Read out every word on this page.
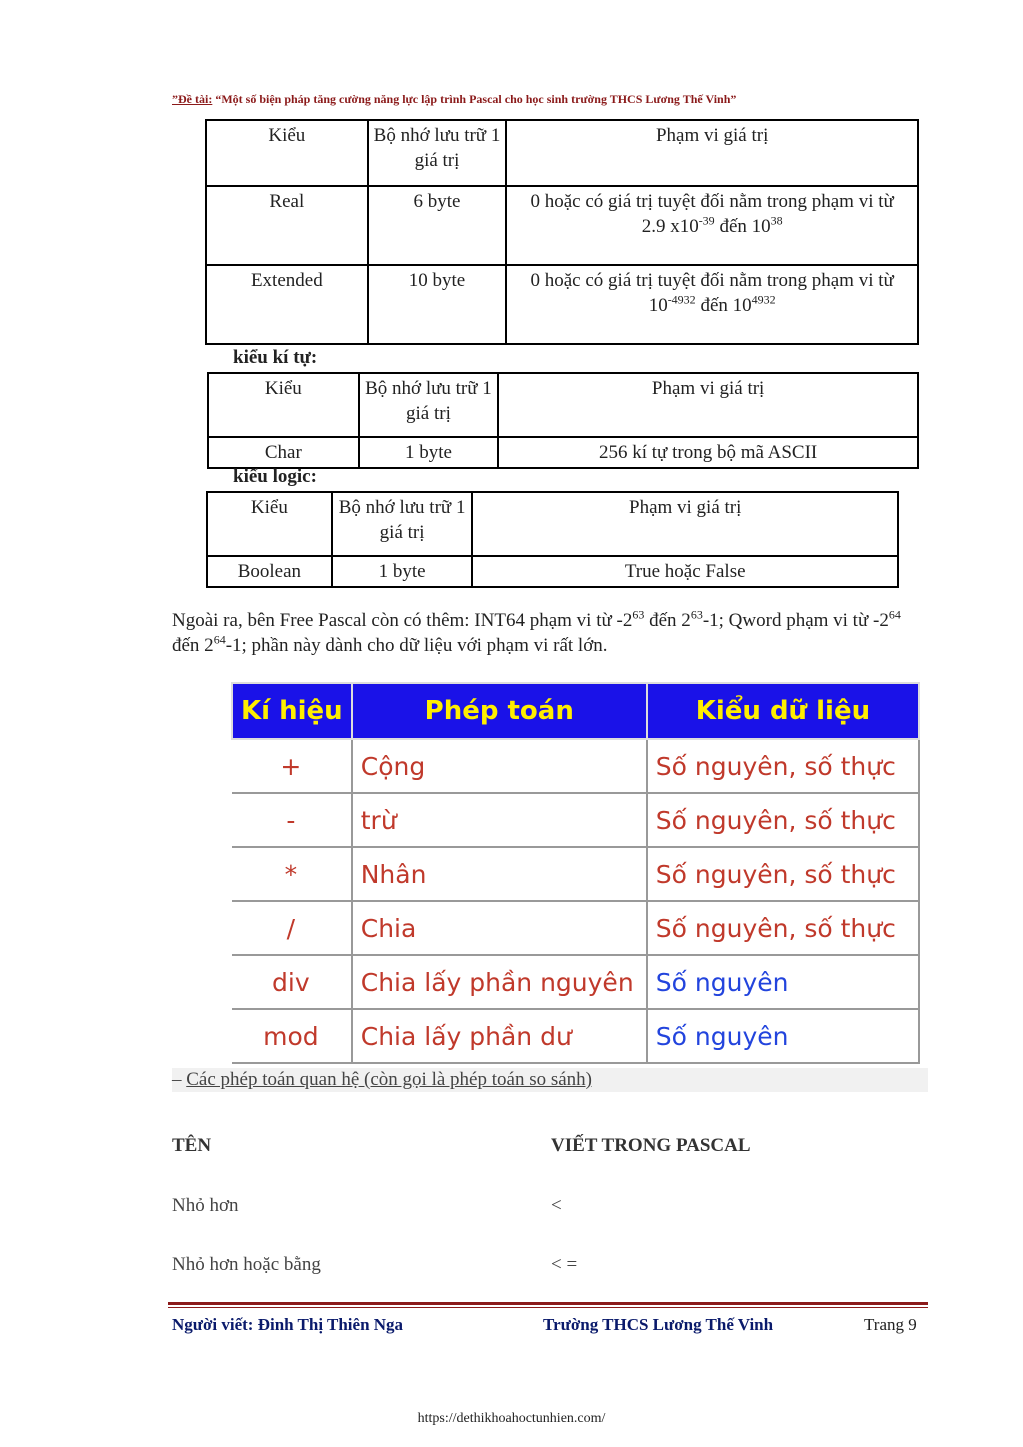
”Đề tài: “Một số biện pháp tăng cường năng lực lập trình Pascal cho học sinh trường THCS Lương Thế Vinh”
Kiểu	Bộ nhớ lưu trữ 1 giá trị	Phạm vi giá trị
Real	6 byte	0 hoặc có giá trị tuyệt đối nằm trong phạm vi từ
2.9 $x10^{-39}$ đến $10^{38}$
Extended	10 byte	0 hoặc có giá trị tuyệt đối nằm trong phạm vi từ
$10^{-4932}$ đến $10^{4932}$
kiểu kí tự:
Kiểu	Bộ nhớ lưu trữ 1 giá trị	Phạm vi giá trị
Char	1 byte	256 kí tự trong bộ mã ASCII
kiểu logic:
Kiểu	Bộ nhớ lưu trữ 1 giá trị	Phạm vi giá trị
Boolean	1 byte	True hoặc False
Ngoài ra, bên Free Pascal còn có thêm: INT64 phạm vi từ $-2^{63}$ đến $2^{63}-1$; Qword phạm vi từ $-2^{64}$ đến $2^{64}-1$; phần này dành cho dữ liệu với phạm vi rất lớn.
Kí hiệu	Phép toán	Kiểu dữ liệu
+	Cộng	Số nguyên, số thực
-	trừ	Số nguyên, số thực
*	Nhân	Số nguyên, số thực
/	Chia	Số nguyên, số thực
div	Chia lấy phần nguyên	Số nguyên
mod	Chia lấy phần dư	Số nguyên
– Các phép toán quan hệ (còn gọi là phép toán so sánh)
TÊN	VIẾT TRONG PASCAL
Nhỏ hơn	<
Nhỏ hơn hoặc bằng	< =
Người viết: Đinh Thị Thiên Nga	Trường THCS Lương Thế Vinh	Trang 9
https://dethikhoahoctunhien.com/
